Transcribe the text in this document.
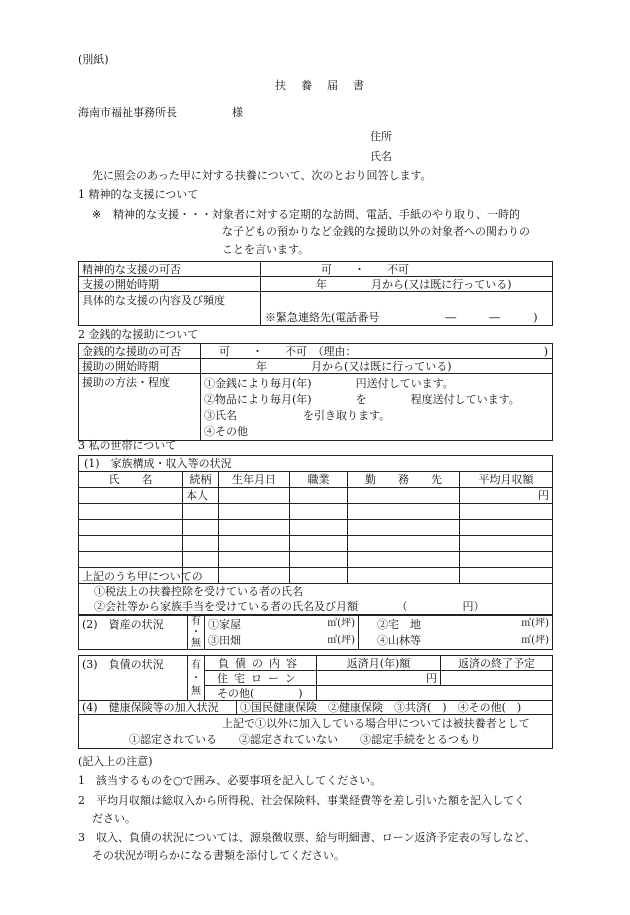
(別紙)
扶　養　届　書
海南市福祉事務所長	様
住所
氏名
先に照会のあった甲に対する扶養について、次のとおり回答します。
1 精神的な支援について
※ 精神的な支援・・・対象者に対する定期的な訪問、電話、手紙のやり取り、一時的
な子どもの預かりなど金銭的な援助以外の対象者への関わりの
ことを言います。
精神的な支援の可否	可　　・　　不可
支援の開始時期	年　　　　月から(又は既に行っている)
具体的な支援の内容及び頻度	※緊急連絡先(電話番号　　　　　　―　　　―　　　)
2 金銭的な援助について
金銭的な援助の可否	可　　・　　不可　（理由： )

援助の開始時期	年　　　　月から(又は既に行っている)
援助の方法・程度	①金銭により毎月(年)　　　　円送付しています。
②物品により毎月(年)　　　　を　　　　程度送付しています。
③氏名　　　　　　を引き取ります。
④その他
3 私の世帯について
(1)　家族構成・収入等の状況
氏　　名	続柄	生年月日	職業	勤　　務　　先	平均月収額
	本人				円

上記のうち甲についての
①税法上の扶養控除を受けている者の氏名
②会社等から家族手当を受けている者の氏名及び月額　　　　（　　　　　円）
(2)　資産の状況	有
・
無	①家屋	㎡(坪)	②宅　地	㎡(坪)
		③田畑	㎡(坪)	④山林等	㎡(坪)
(3)　負債の状況	有
・
無	負債の内容	返済月(年)額	返済の終了予定
		住宅ローン	円	
		その他(　　　　)		
(4)　健康保険等の加入状況	①国民健康保険　②健康保険　③共済(　)　④その他(　)

上記で①以外に加入している場合甲については被扶養者として
①認定されている　　②認定されていない　　③認定手続をとるつもり
(記入上の注意)
1　該当するものを○で囲み、必要事項を記入してください。
2　平均月収額は総収入から所得税、社会保険料、事業経費等を差し引いた額を記入してく
ださい。
3　収入、負債の状況については、源泉徴収票、給与明細書、ローン返済予定表の写しなど、
その状況が明らかになる書類を添付してください。
